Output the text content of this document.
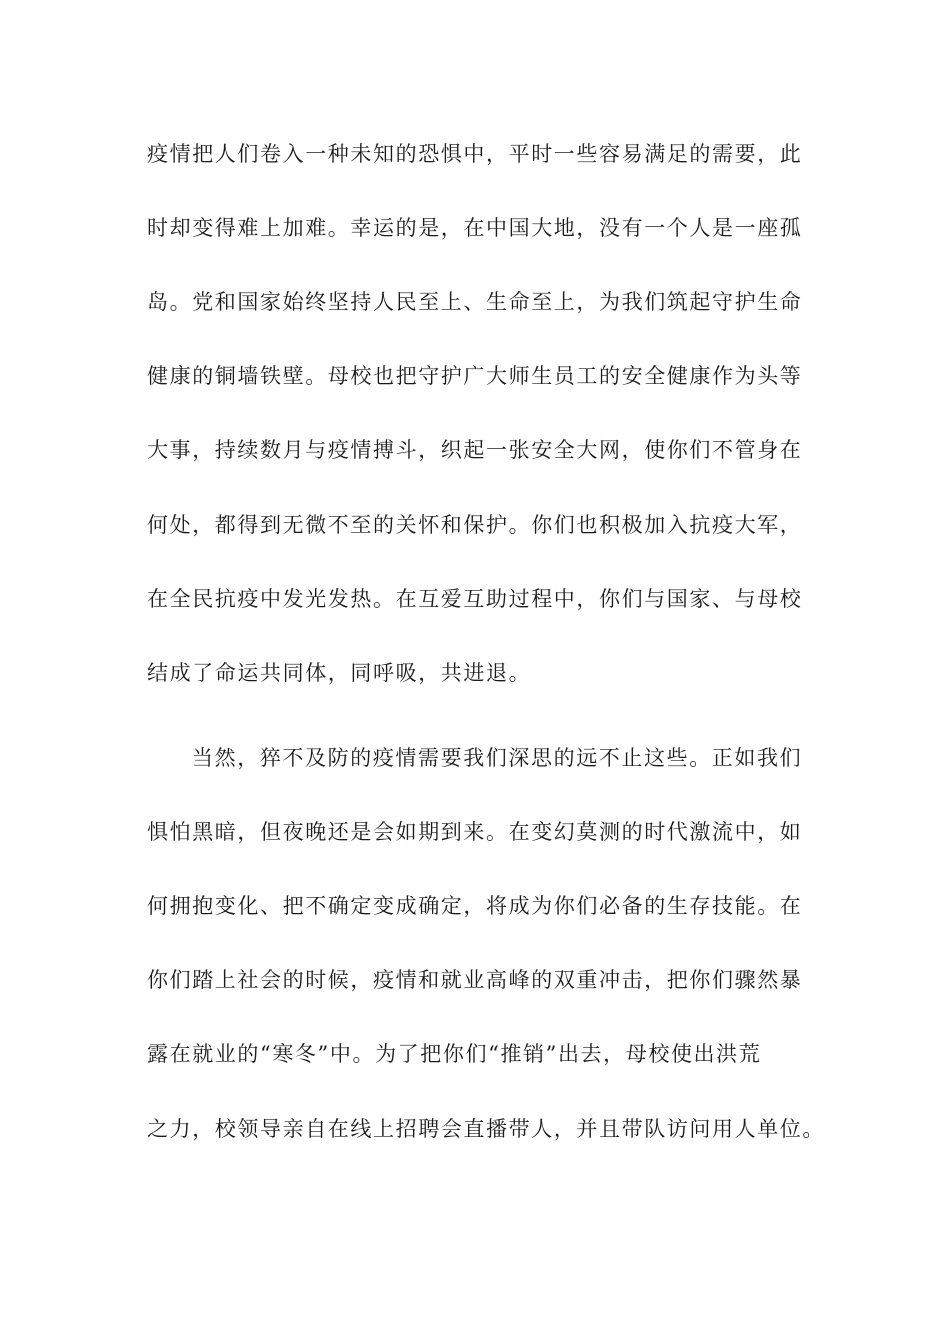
疫情把人们卷入一种未知的恐惧中，平时一些容易满足的需要，此
时却变得难上加难。幸运的是，在中国大地，没有一个人是一座孤
岛。党和国家始终坚持人民至上、生命至上，为我们筑起守护生命
健康的铜墙铁壁。母校也把守护广大师生员工的安全健康作为头等
大事，持续数月与疫情搏斗，织起一张安全大网，使你们不管身在
何处，都得到无微不至的关怀和保护。你们也积极加入抗疫大军，
在全民抗疫中发光发热。在互爱互助过程中，你们与国家、与母校
结成了命运共同体，同呼吸，共进退。
当然，猝不及防的疫情需要我们深思的远不止这些。正如我们
惧怕黑暗，但夜晚还是会如期到来。在变幻莫测的时代激流中，如
何拥抱变化、把不确定变成确定，将成为你们必备的生存技能。在
你们踏上社会的时候，疫情和就业高峰的双重冲击，把你们骤然暴
露在就业的“寒冬”中。为了把你们“推销”出去，母校使出洪荒
之力，校领导亲自在线上招聘会直播带人，并且带队访问用人单位。
